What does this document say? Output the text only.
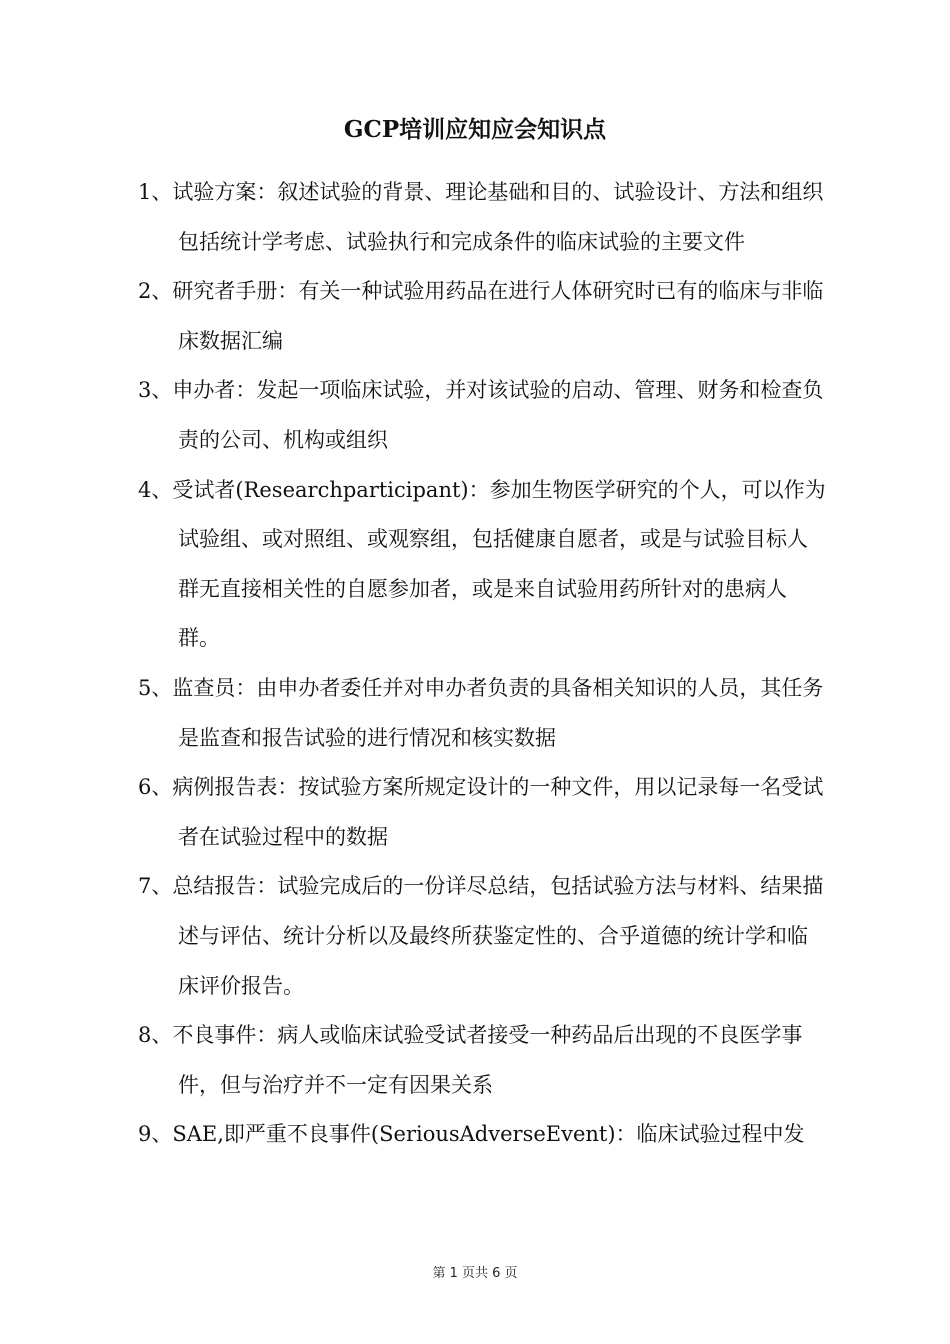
GCP培训应知应会知识点
1、试验方案：叙述试验的背景、理论基础和目的、试验设计、方法和组织包括统计学考虑、试验执行和完成条件的临床试验的主要文件
2、研究者手册：有关一种试验用药品在进行人体研究时已有的临床与非临床数据汇编
3、申办者：发起一项临床试验，并对该试验的启动、管理、财务和检查负责的公司、机构或组织
4、受试者(Researchparticipant)：参加生物医学研究的个人，可以作为试验组、或对照组、或观察组，包括健康自愿者，或是与试验目标人群无直接相关性的自愿参加者，或是来自试验用药所针对的患病人群。
5、监查员：由申办者委任并对申办者负责的具备相关知识的人员，其任务是监查和报告试验的进行情况和核实数据
6、病例报告表：按试验方案所规定设计的一种文件，用以记录每一名受试者在试验过程中的数据
7、总结报告：试验完成后的一份详尽总结，包括试验方法与材料、结果描述与评估、统计分析以及最终所获鉴定性的、合乎道德的统计学和临床评价报告。
8、不良事件：病人或临床试验受试者接受一种药品后出现的不良医学事件，但与治疗并不一定有因果关系
9、SAE,即严重不良事件(SeriousAdverseEvent)：临床试验过程中发
第 1 页共 6 页
